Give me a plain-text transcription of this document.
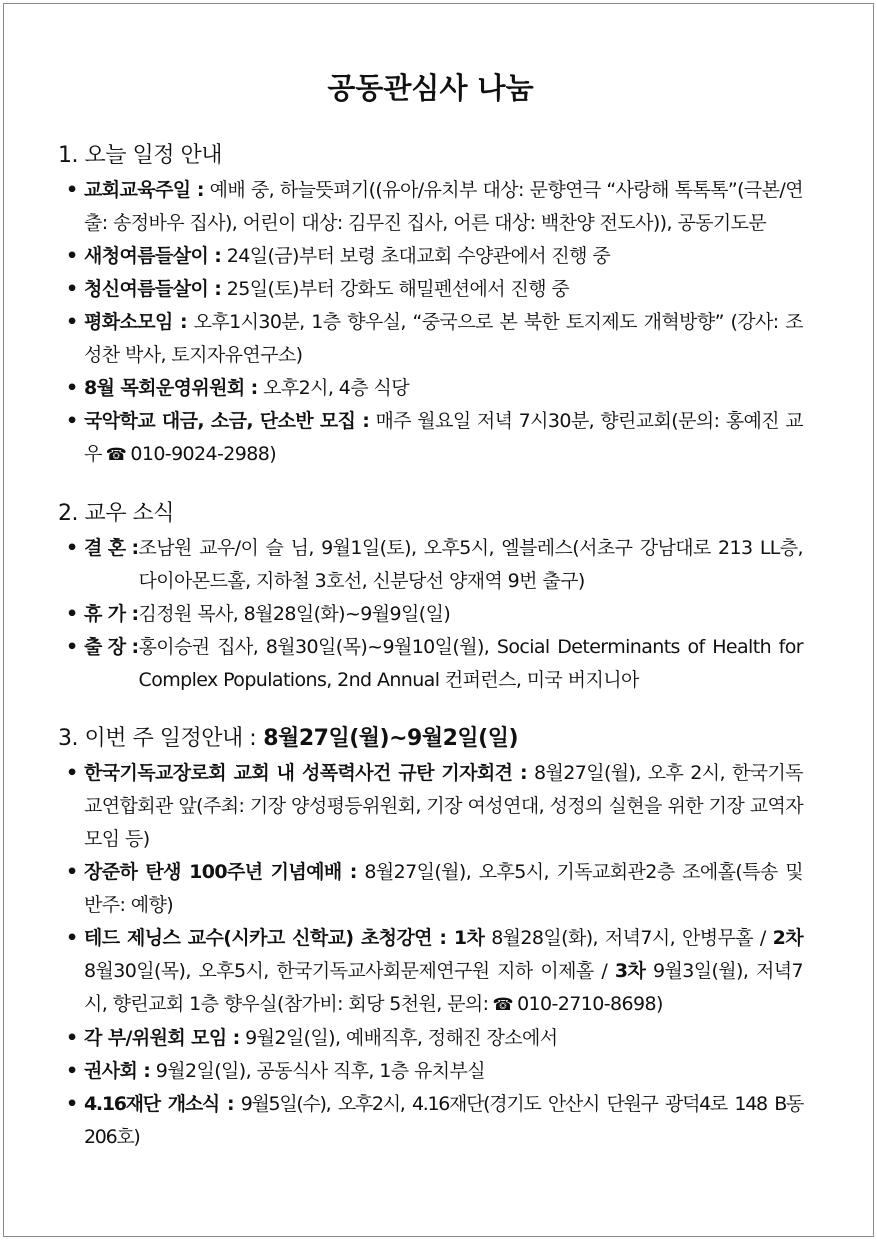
공동관심사 나눔
1. 오늘 일정 안내
• 교회교육주일 : 예배 중, 하늘뜻펴기((유아/유치부 대상: 문향연극 “사랑해 톡톡톡”(극본/연출: 송정바우 집사), 어린이 대상: 김무진 집사, 어른 대상: 백찬양 전도사)), 공동기도문
• 새청여름들살이 : 24일(금)부터 보령 초대교회 수양관에서 진행 중
• 청신여름들살이 : 25일(토)부터 강화도 해밀펜션에서 진행 중
• 평화소모임 : 오후1시30분, 1층 향우실, “중국으로 본 북한 토지제도 개혁방향” (강사: 조성찬 박사, 토지자유연구소)
• 8월 목회운영위원회 : 오후2시, 4층 식당
• 국악학교 대금, 소금, 단소반 모집 : 매주 월요일 저녁 7시30분, 향린교회(문의: 홍예진 교우 ☎ 010-9024-2988)
2. 교우 소식
• 결 혼 : 조남원 교우/이 슬 님, 9월1일(토), 오후5시, 엘블레스(서초구 강남대로 213 LL층, 다이아몬드홀, 지하철 3호선, 신분당선 양재역 9번 출구)
• 휴 가 : 김정원 목사, 8월28일(화)~9월9일(일)
• 출 장 : 홍이승권 집사, 8월30일(목)~9월10일(월), Social Determinants of Health for Complex Populations, 2nd Annual 컨퍼런스, 미국 버지니아
3. 이번 주 일정안내 : 8월27일(월)~9월2일(일)
• 한국기독교장로회 교회 내 성폭력사건 규탄 기자회견 : 8월27일(월), 오후 2시, 한국기독교연합회관 앞(주최: 기장 양성평등위원회, 기장 여성연대, 성정의 실현을 위한 기장 교역자모임 등)
• 장준하 탄생 100주년 기념예배 : 8월27일(월), 오후5시, 기독교회관2층 조에홀(특송 및 반주: 예향)
• 테드 제닝스 교수(시카고 신학교) 초청강연 : 1차 8월28일(화), 저녁7시, 안병무홀 / 2차 8월30일(목), 오후5시, 한국기독교사회문제연구원 지하 이제홀 / 3차 9월3일(월), 저녁7시, 향린교회 1층 향우실(참가비: 회당 5천원, 문의: ☎ 010-2710-8698)
• 각 부/위원회 모임 : 9월2일(일), 예배직후, 정해진 장소에서
• 권사회 : 9월2일(일), 공동식사 직후, 1층 유치부실
• 4.16재단 개소식 : 9월5일(수), 오후2시, 4.16재단(경기도 안산시 단원구 광덕4로 148 B동 206호)
